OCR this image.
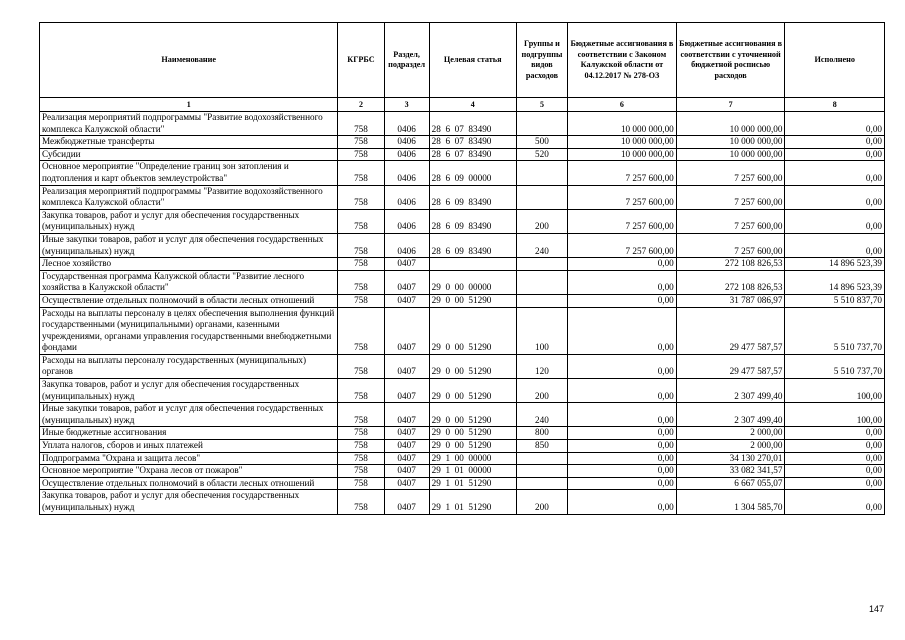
Наименование	КГРБС	Раздел, подраздел	Целевая статья	Группы и подгруппы видов расходов	Бюджетные ассигнования в соответствии с Законом Калужской области от 04.12.2017 № 278-ОЗ	Бюджетные ассигнования в соответствии с уточненной бюджетной росписью расходов	Исполнено
1	2	3	4	5	6	7	8
Реализация мероприятий подпрограммы "Развитие водохозяйственного комплекса Калужской области"	758	0406	28  6  07  83490		10 000 000,00	10 000 000,00	0,00
Межбюджетные трансферты	758	0406	28  6  07  83490	500	10 000 000,00	10 000 000,00	0,00
Субсидии	758	0406	28  6  07  83490	520	10 000 000,00	10 000 000,00	0,00
Основное мероприятие "Определение границ зон затопления и подтопления и карт объектов землеустройства"	758	0406	28  6  09  00000		7 257 600,00	7 257 600,00	0,00
Реализация мероприятий подпрограммы "Развитие водохозяйственного комплекса Калужской области"	758	0406	28  6  09  83490		7 257 600,00	7 257 600,00	0,00
Закупка товаров, работ и услуг для обеспечения государственных (муниципальных) нужд	758	0406	28  6  09  83490	200	7 257 600,00	7 257 600,00	0,00
Иные закупки товаров, работ и услуг для обеспечения государственных (муниципальных) нужд	758	0406	28  6  09  83490	240	7 257 600,00	7 257 600,00	0,00
Лесное хозяйство	758	0407			0,00	272 108 826,53	14 896 523,39
Государственная программа Калужской области "Развитие лесного хозяйства в Калужской области"	758	0407	29  0  00  00000		0,00	272 108 826,53	14 896 523,39
Осуществление отдельных полномочий в области лесных отношений	758	0407	29  0  00  51290		0,00	31 787 086,97	5 510 837,70
Расходы на выплаты персоналу в целях обеспечения выполнения функций государственными (муниципальными) органами, казенными учреждениями, органами управления государственными внебюджетными фондами	758	0407	29  0  00  51290	100	0,00	29 477 587,57	5 510 737,70
Расходы на выплаты персоналу государственных (муниципальных) органов	758	0407	29  0  00  51290	120	0,00	29 477 587,57	5 510 737,70
Закупка товаров, работ и услуг для обеспечения государственных (муниципальных) нужд	758	0407	29  0  00  51290	200	0,00	2 307 499,40	100,00
Иные закупки товаров, работ и услуг для обеспечения государственных (муниципальных) нужд	758	0407	29  0  00  51290	240	0,00	2 307 499,40	100,00
Иные бюджетные ассигнования	758	0407	29  0  00  51290	800	0,00	2 000,00	0,00
Уплата налогов, сборов и иных платежей	758	0407	29  0  00  51290	850	0,00	2 000,00	0,00
Подпрограмма "Охрана и защита лесов"	758	0407	29  1  00  00000		0,00	34 130 270,01	0,00
Основное мероприятие "Охрана лесов от пожаров"	758	0407	29  1  01  00000		0,00	33 082 341,57	0,00
Осуществление отдельных полномочий в области лесных отношений	758	0407	29  1  01  51290		0,00	6 667 055,07	0,00
Закупка товаров, работ и услуг для обеспечения государственных (муниципальных) нужд	758	0407	29  1  01  51290	200	0,00	1 304 585,70	0,00
147
